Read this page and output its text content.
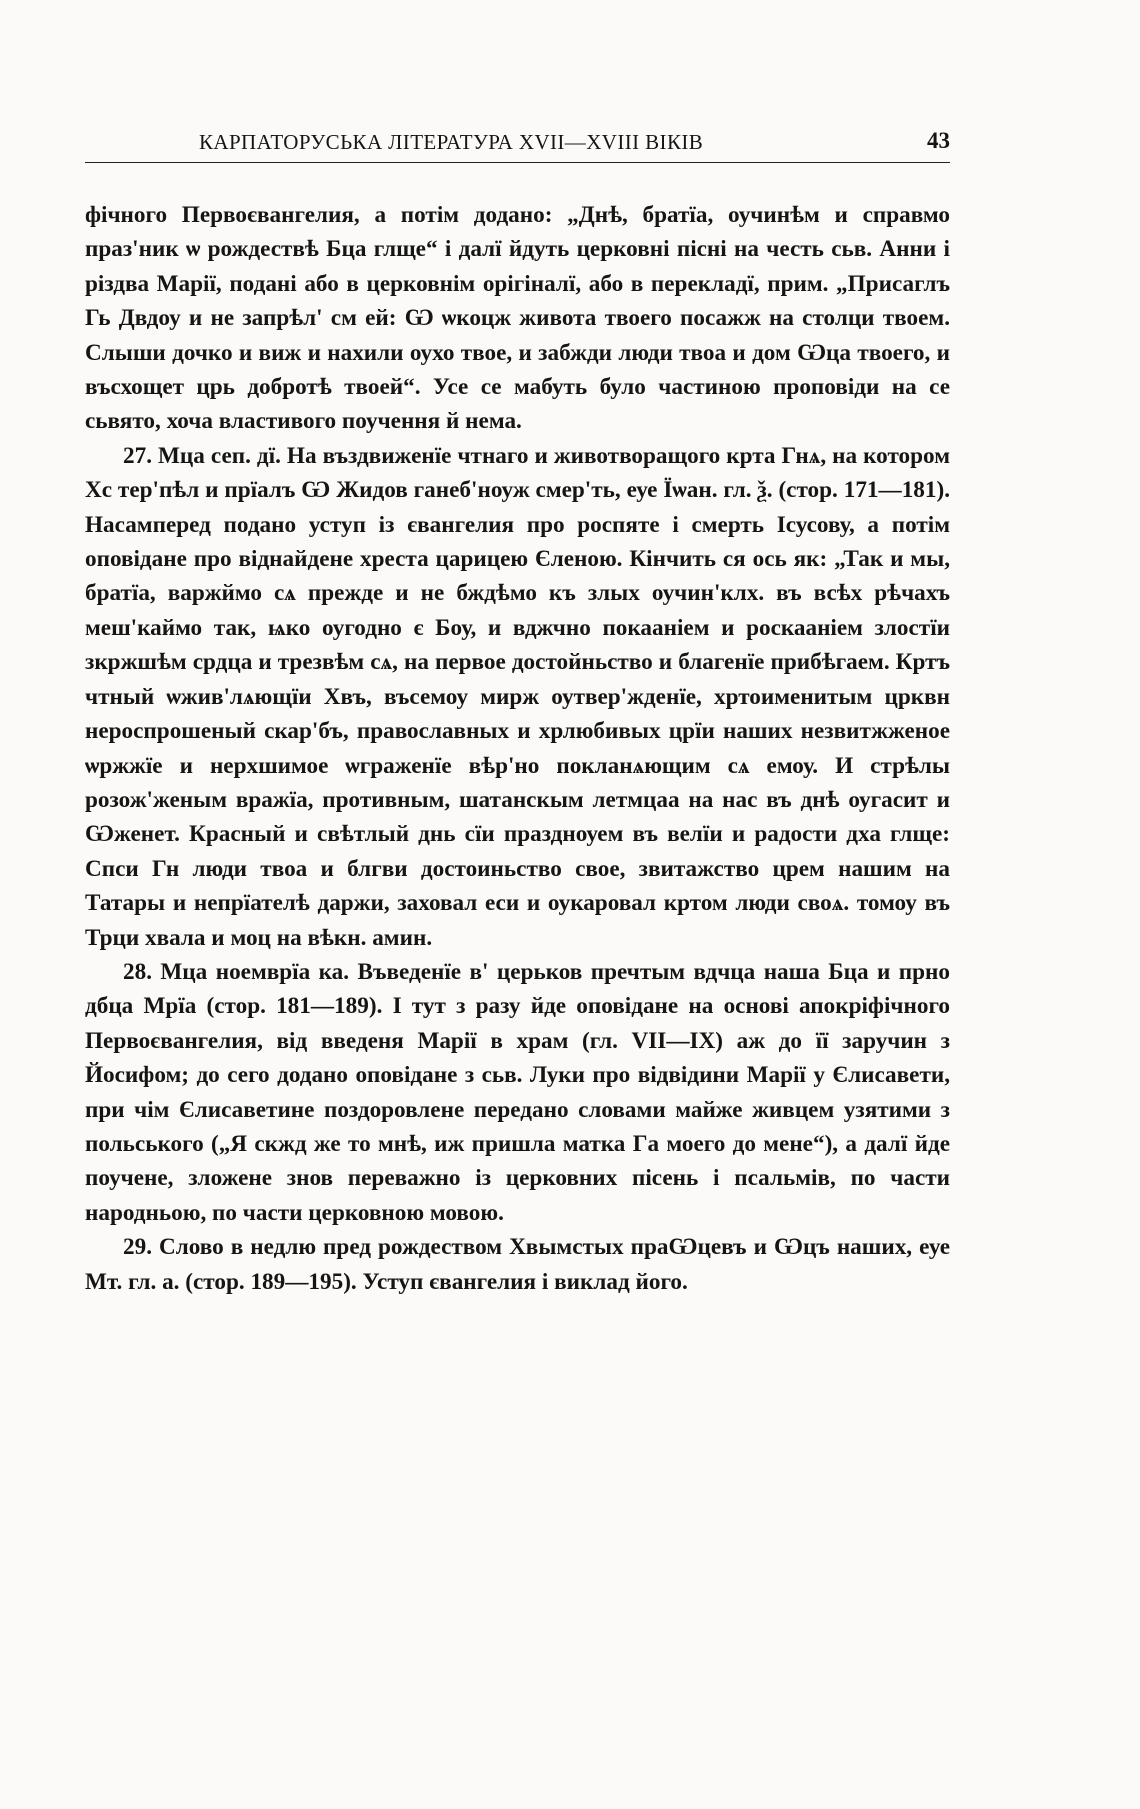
КАРПАТОРУСЬКА ЛІТЕРАТУРА XVII—XVIII ВІКІВ	43

фічного Первоєвангелия, а потім додано: „Днѣ, братїа, оучинѣм и справмо праз'ник ѡ рождествѣ Бца глще“ і далї йдуть церковні пісні на честь сьв. Анни і різдва Марії, подані або в церковнім орігіналї, або в перекладї, прим. „Присаглъ Гь Двдоу и не запрѣл' см ей: Ѡ ѡкоцж живота твоего посажж на столци твоем. Слыши дочко и виж и нахили оухо твое, и забжди люди твоа и дом Ѡца твоего, и въсхощет црь добротѣ твоей“. Усе се мабуть було частиною проповіди на се сьвято, хоча властивого поучення й нема.

27. Мца сеп. дї. На въздвиженїе чтнаго и животворащого крта Гнѧ, на котором Хс тер'пѣл и прїалъ Ѡ Жидов ганеб'ноуж смер'ть, еуе Їѡан. гл. ѯ. (стор. 171—181). Насамперед подано уступ із євангелия про роспяте і смерть Ісусову, а потім оповідане про віднайдене хреста царицею Єленою. Кінчить ся ось як: „Так и мы, братїа, варжймо сѧ прежде и не бждѣмо къ злых оучин'клх. въ всѣх рѣчахъ меш'каймо так, ѩко оугодно є Боу, и вджчно покааніем и роскааніем злостїи зкржшѣм срдца и трезвѣм сѧ, на первое достойньство и благенїе прибѣгаем. Кртъ чтный ѡжив'лѧющїи Хвъ, въсемоу мирж оутвер'жденїе, хртоименитым црквн нероспрошеный скар'бъ, православных и хрлюбивых црїи наших незвитжженое ѡржжїе и нерхшимое ѡграженїе вѣр'но покланѧющим сѧ емоу. И стрѣлы розож'женым вражїа, противным, шатанскым летмцаа на нас въ днѣ оугасит и Ѡженет. Красный и свѣтлый днь сїи праздноуем въ велїи и радости дха глще: Спси Гн люди твоа и блгви достоиньство свое, звитажство црем нашим на Татары и непрїателѣ даржи, заховал еси и оукаровал кртом люди своѧ. томоу въ Трци хвала и моц на вѣкн. амин.

28. Мца ноемврїа ка. Въведенїе в' церьков пречтым вдчца наша Бца и прно дбца Мрїа (стор. 181—189). І тут з разу йде оповідане на основі апокріфічного Первоєвангелия, від введеня Марії в храм (гл. VII—IX) аж до її заручин з Йосифом; до сего додано оповідане з сьв. Луки про відвідини Марії у Єлисавети, при чім Єлисаветине поздоровлене передано словами майже живцем узятими з польського („Я скжд же то мнѣ, иж пришла матка Гa моего до мене“), а далї йде поучене, зложене знов переважно із церковних пісень і псальмів, по части народньою, по части церковною мовою.

29. Слово в недлю пред рождеством Хвымстых праѠцевъ и Ѡцъ наших, еуе Мт. гл. а. (стор. 189—195). Уступ євангелия і виклад його.
